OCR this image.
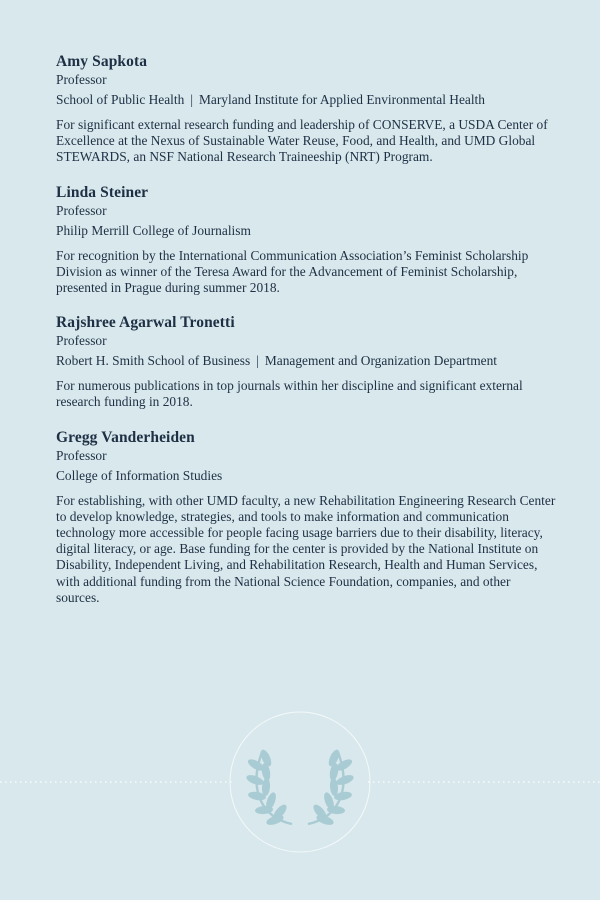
Amy Sapkota
Professor
School of Public Health | Maryland Institute for Applied Environmental Health
For significant external research funding and leadership of CONSERVE, a USDA Center of Excellence at the Nexus of Sustainable Water Reuse, Food, and Health, and UMD Global STEWARDS, an NSF National Research Traineeship (NRT) Program.
Linda Steiner
Professor
Philip Merrill College of Journalism
For recognition by the International Communication Association’s Feminist Scholarship Division as winner of the Teresa Award for the Advancement of Feminist Scholarship, presented in Prague during summer 2018.
Rajshree Agarwal Tronetti
Professor
Robert H. Smith School of Business | Management and Organization Department
For numerous publications in top journals within her discipline and significant external research funding in 2018.
Gregg Vanderheiden
Professor
College of Information Studies
For establishing, with other UMD faculty, a new Rehabilitation Engineering Research Center to develop knowledge, strategies, and tools to make information and communication technology more accessible for people facing usage barriers due to their disability, literacy, digital literacy, or age. Base funding for the center is provided by the National Institute on Disability, Independent Living, and Rehabilitation Research, Health and Human Services, with additional funding from the National Science Foundation, companies, and other sources.
